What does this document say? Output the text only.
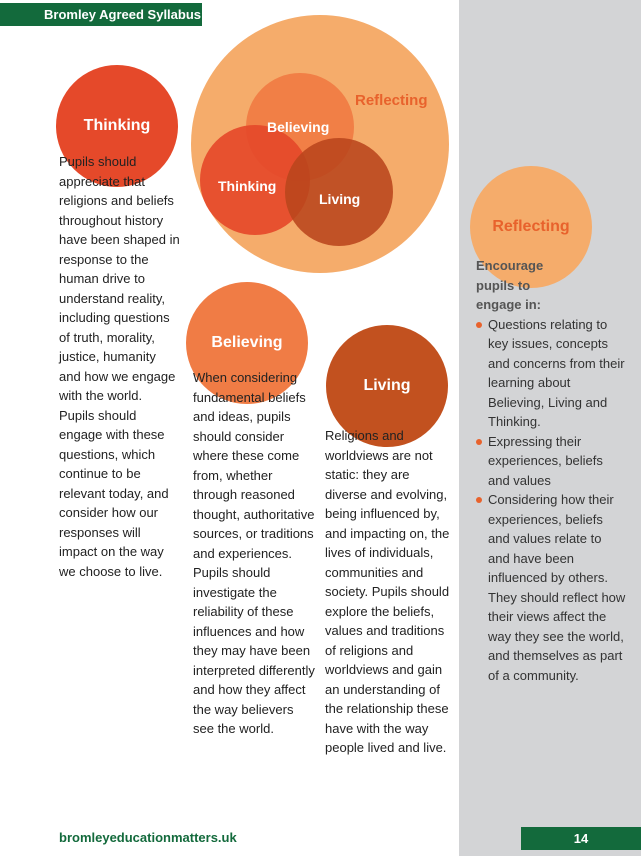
Bromley Agreed Syllabus
Reflecting
Believing
Thinking
Living
Thinking

Pupils should appreciate that religions and beliefs throughout history have been shaped in response to the human drive to understand reality, including questions of truth, morality, justice, humanity and how we engage with the world. Pupils should engage with these questions, which continue to be relevant today, and consider how our responses will impact on the way we choose to live.

Believing

When considering fundamental beliefs and ideas, pupils should consider where these come from, whether through reasoned thought, authoritative sources, or traditions and experiences. Pupils should investigate the reliability of these influences and how they may have been interpreted differently and how they affect the way believers see the world.

Living

Religions and worldviews are not static: they are diverse and evolving, being influenced by, and impacting on, the lives of individuals, communities and society. Pupils should explore the beliefs, values and traditions of religions and worldviews and gain an understanding of the relationship these have with the way people lived and live.

Reflecting

Encourage pupils to engage in:

Questions relating to key issues, concepts and concerns from their learning about Believing, Living and Thinking.
Expressing their experiences, beliefs and values
Considering how their experiences, beliefs and values relate to and have been influenced by others. They should reflect how their views affect the way they see the world, and themselves as part of a community.
bromleyeducationmatters.uk	14
